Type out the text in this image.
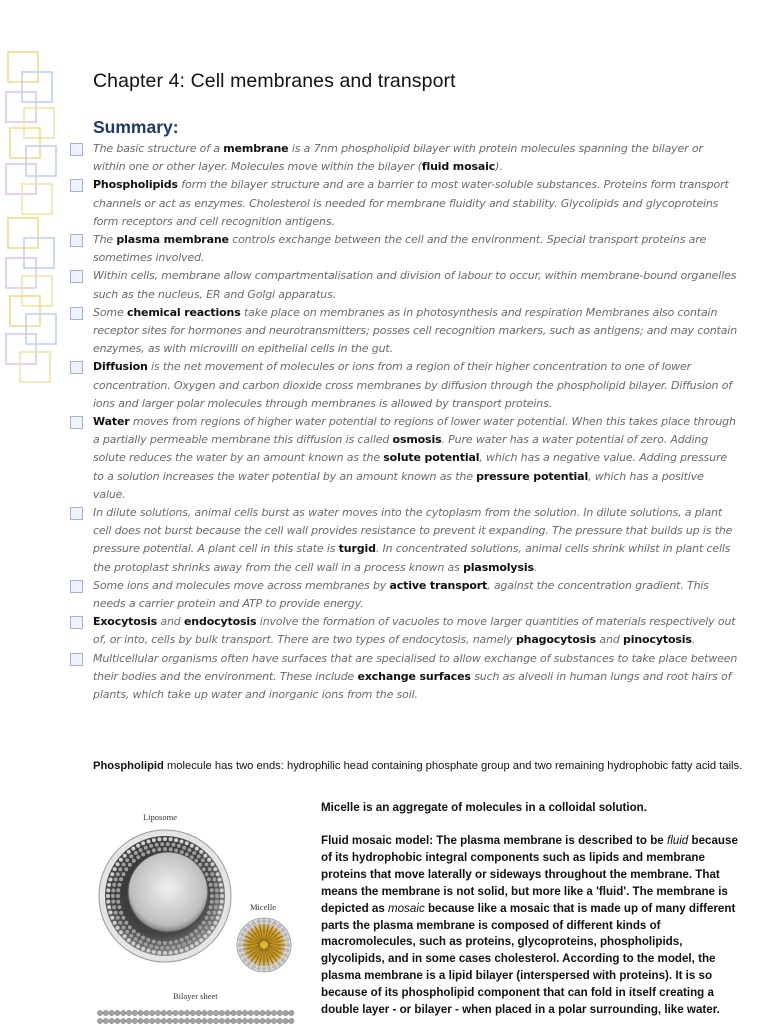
Chapter 4: Cell membranes and transport
Summary:
The basic structure of a membrane is a 7nm phospholipid bilayer with protein molecules spanning the bilayer or within one or other layer. Molecules move within the bilayer (fluid mosaic).
Phospholipids form the bilayer structure and are a barrier to most water-soluble substances. Proteins form transport channels or act as enzymes. Cholesterol is needed for membrane fluidity and stability. Glycolipids and glycoproteins form receptors and cell recognition antigens.
The plasma membrane controls exchange between the cell and the environment. Special transport proteins are sometimes involved.
Within cells, membrane allow compartmentalisation and division of labour to occur, within membrane-bound organelles such as the nucleus, ER and Golgi apparatus.
Some chemical reactions take place on membranes as in photosynthesis and respiration Membranes also contain receptor sites for hormones and neurotransmitters; posses cell recognition markers, such as antigens; and may contain enzymes, as with microvilli on epithelial cells in the gut.
Diffusion is the net movement of molecules or ions from a region of their higher concentration to one of lower concentration. Oxygen and carbon dioxide cross membranes by diffusion through the phospholipid bilayer. Diffusion of ions and larger polar molecules through membranes is allowed by transport proteins.
Water moves from regions of higher water potential to regions of lower water potential. When this takes place through a partially permeable membrane this diffusion is called osmosis. Pure water has a water potential of zero. Adding solute reduces the water by an amount known as the solute potential, which has a negative value. Adding pressure to a solution increases the water potential by an amount known as the pressure potential, which has a positive value.
In dilute solutions, animal cells burst as water moves into the cytoplasm from the solution. In dilute solutions, a plant cell does not burst because the cell wall provides resistance to prevent it expanding. The pressure that builds up is the pressure potential. A plant cell in this state is turgid. In concentrated solutions, animal cells shrink whilst in plant cells the protoplast shrinks away from the cell wall in a process known as plasmolysis.
Some ions and molecules move across membranes by active transport, against the concentration gradient. This needs a carrier protein and ATP to provide energy.
Exocytosis and endocytosis involve the formation of vacuoles to move larger quantities of materials respectively out of, or into, cells by bulk transport. There are two types of endocytosis, namely phagocytosis and pinocytosis.
Multicellular organisms often have surfaces that are specialised to allow exchange of substances to take place between their bodies and the environment. These include exchange surfaces such as alveoli in human lungs and root hairs of plants, which take up water and inorganic ions from the soil.

Phospholipid molecule has two ends: hydrophilic head containing phosphate group and two remaining hydrophobic fatty acid tails.

Liposome
Micelle
Bilayer sheet

Micelle is an aggregate of molecules in a colloidal solution.

Fluid mosaic model: The plasma membrane is described to be fluid because of its hydrophobic integral components such as lipids and membrane proteins that move laterally or sideways throughout the membrane. That means the membrane is not solid, but more like a 'fluid'. The membrane is depicted as mosaic because like a mosaic that is made up of many different parts the plasma membrane is composed of different kinds of macromolecules, such as proteins, glycoproteins, phospholipids, glycolipids, and in some cases cholesterol. According to the model, the plasma membrane is a lipid bilayer (interspersed with proteins). It is so because of its phospholipid component that can fold in itself creating a double layer - or bilayer - when placed in a polar surrounding, like water.
